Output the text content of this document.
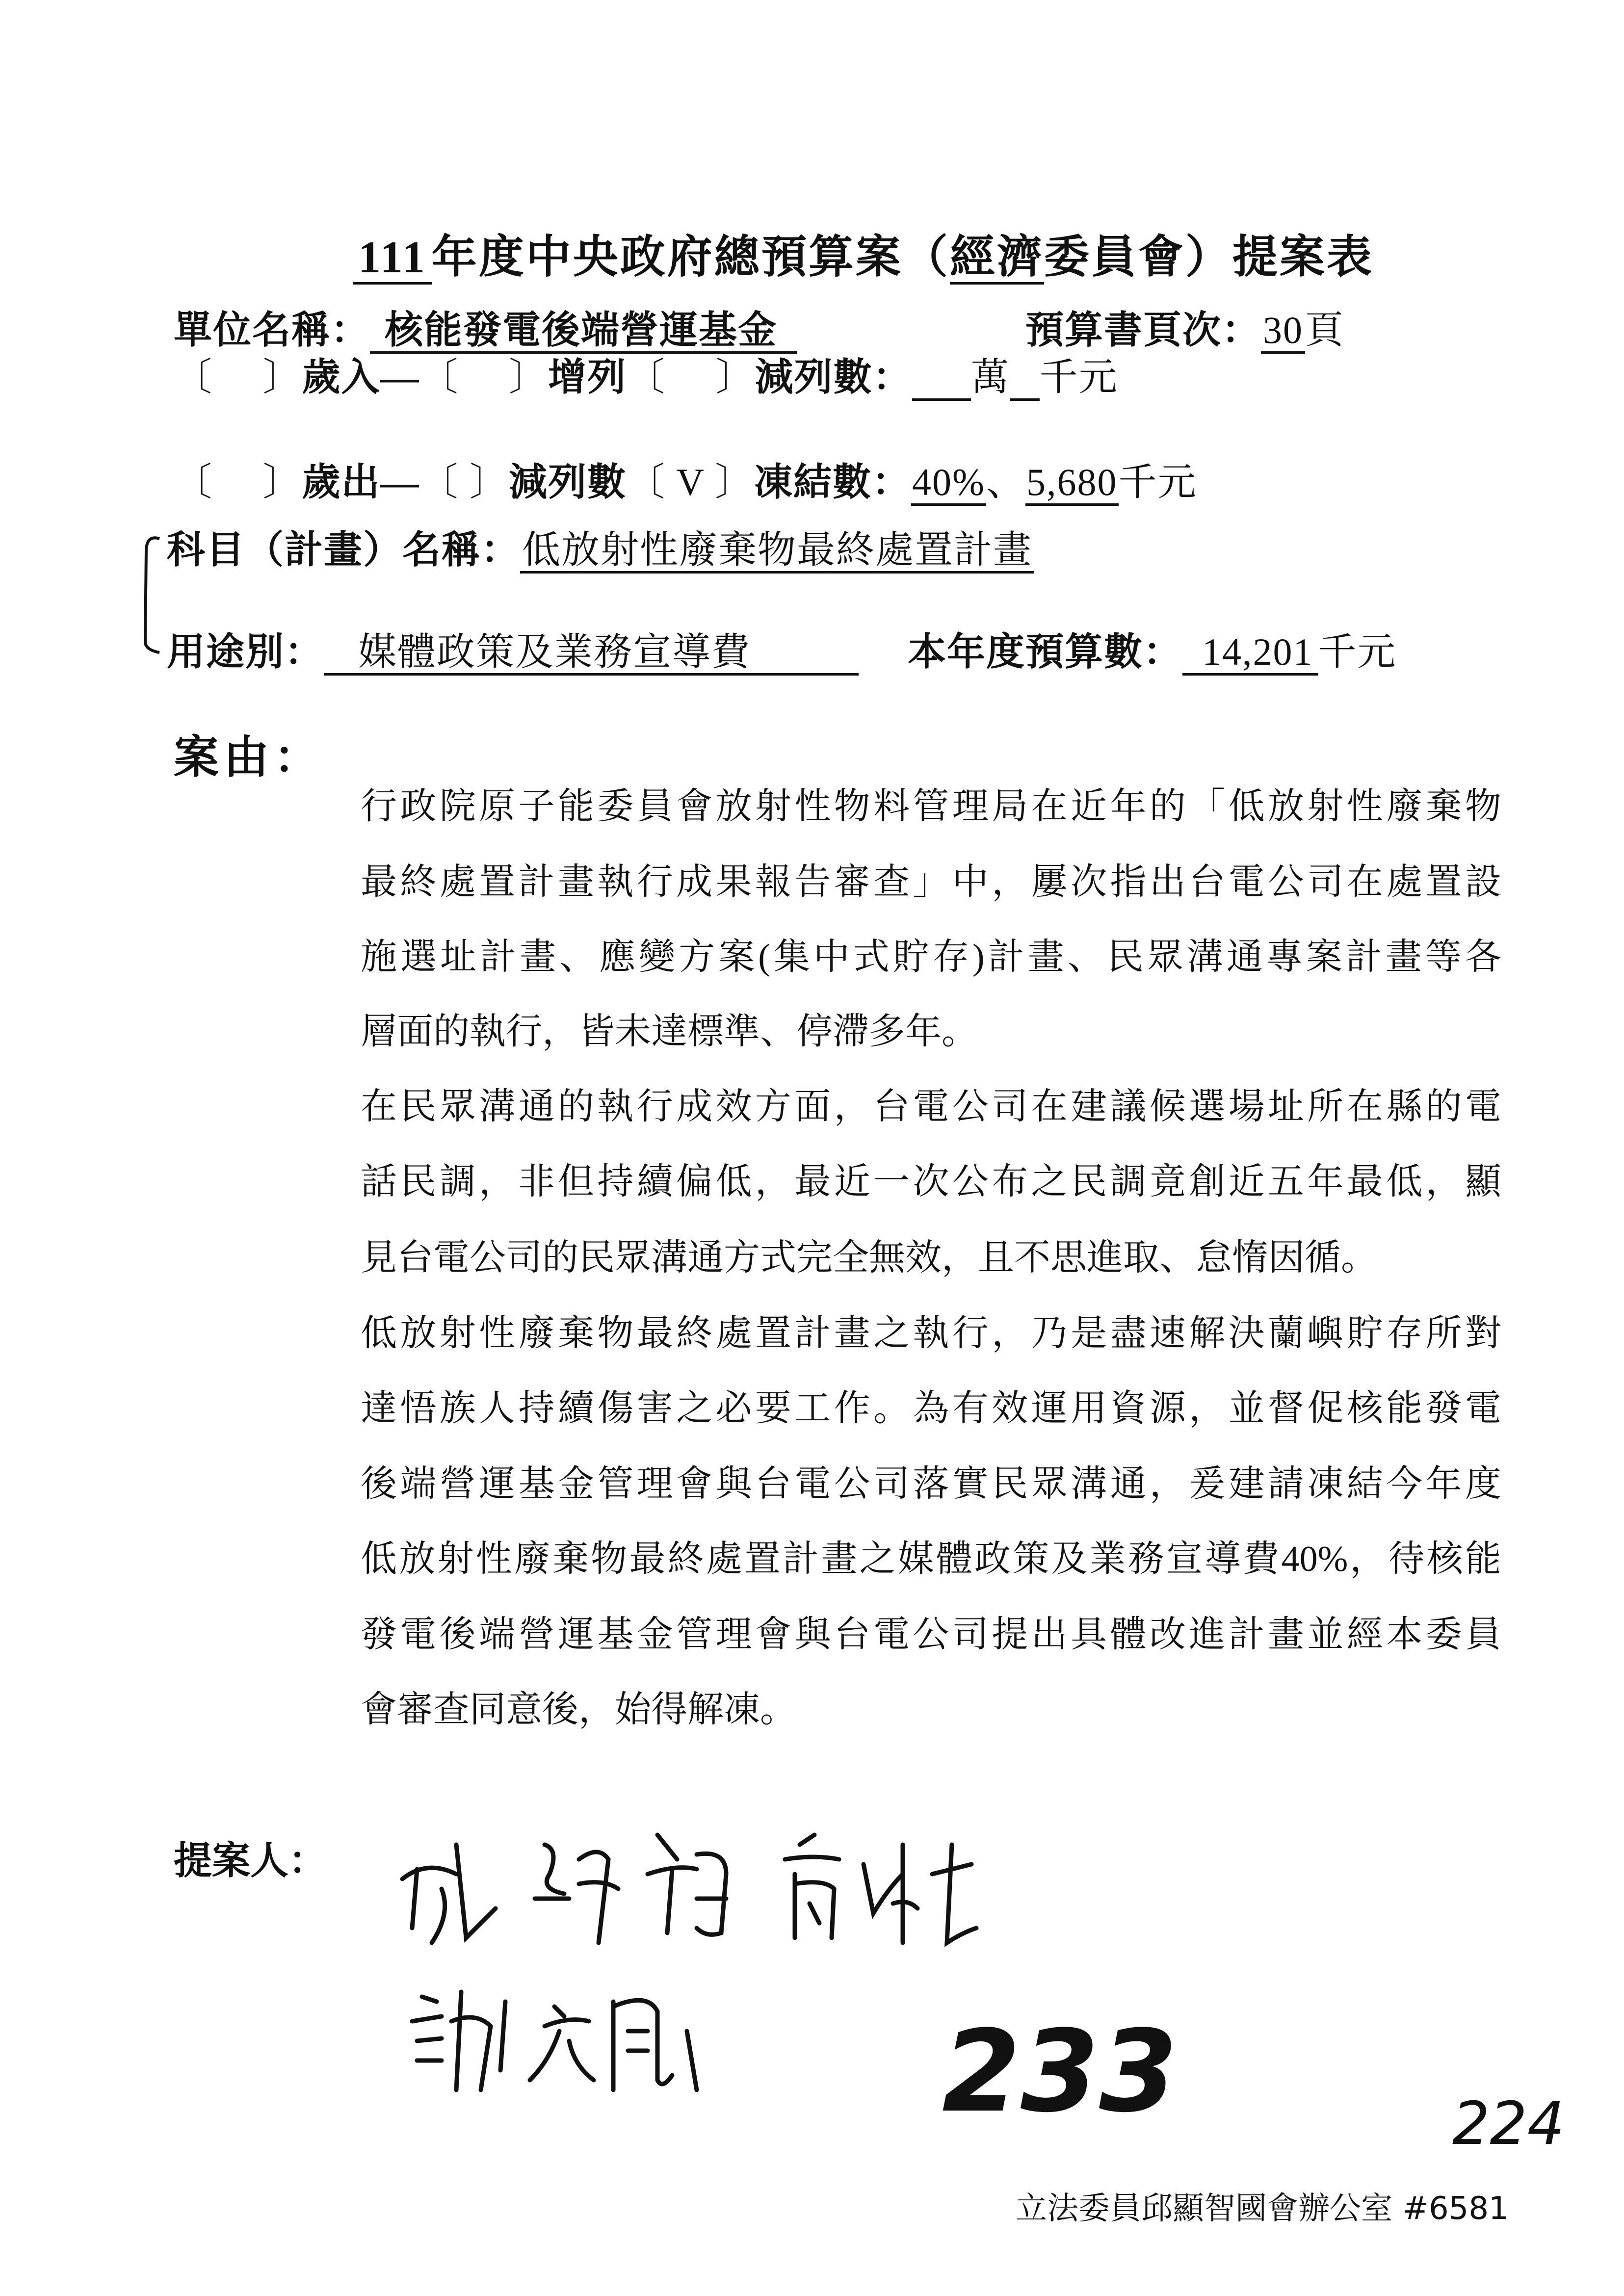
111 年度中央政府總預算案（經濟委員會）提案表
單位名稱： 核能發電後端營運基金	預算書頁次：30頁
〔　 〕歲入—〔　 〕增列〔　 〕減列數： 萬 千元
〔　 〕歲出—〔 〕減列數〔 V 〕凍結數：40%、5,680千元
科目（計畫）名稱：低放射性廢棄物最終處置計畫
用途別： 媒體政策及業務宣導費	本年度預算數： 14,201 千元
案由：
行政院原子能委員會放射性物料管理局在近年的「低放射性廢棄物
最終處置計畫執行成果報告審查」中，屢次指出台電公司在處置設
施選址計畫、應變方案(集中式貯存)計畫、民眾溝通專案計畫等各
層面的執行，皆未達標準、停滯多年。
在民眾溝通的執行成效方面，台電公司在建議候選場址所在縣的電
話民調，非但持續偏低，最近一次公布之民調竟創近五年最低，顯
見台電公司的民眾溝通方式完全無效，且不思進取、怠惰因循。
低放射性廢棄物最終處置計畫之執行，乃是盡速解決蘭嶼貯存所對
達悟族人持續傷害之必要工作。為有效運用資源，並督促核能發電
後端營運基金管理會與台電公司落實民眾溝通，爰建請凍結今年度
低放射性廢棄物最終處置計畫之媒體政策及業務宣導費40%，待核能
發電後端營運基金管理會與台電公司提出具體改進計畫並經本委員
會審查同意後，始得解凍。
提案人：
233	224
立法委員邱顯智國會辦公室 #6581
